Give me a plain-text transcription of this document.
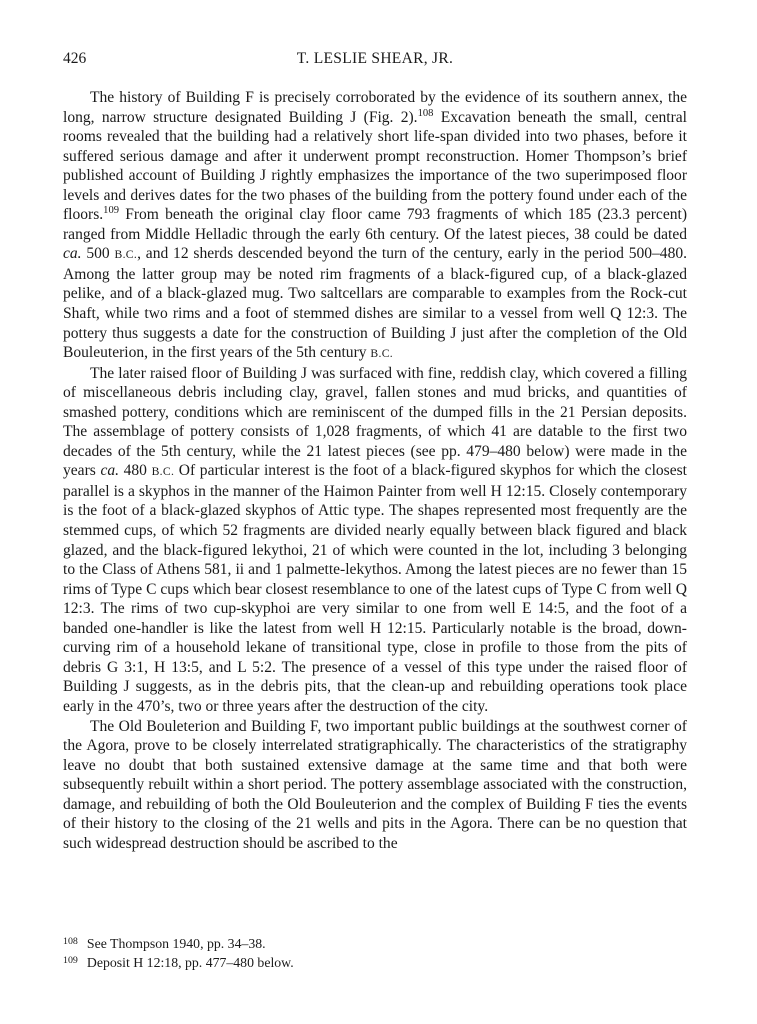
426	T. LESLIE SHEAR, JR.

The history of Building F is precisely corroborated by the evidence of its southern annex, the long, narrow structure designated Building J (Fig. 2).$^{108}$ Excavation beneath the small, central rooms revealed that the building had a relatively short life-span divided into two phases, before it suffered serious damage and after it underwent prompt reconstruction. Homer Thompson’s brief published account of Building J rightly emphasizes the importance of the two superimposed floor levels and derives dates for the two phases of the building from the pottery found under each of the floors.$^{109}$ From beneath the original clay floor came 793 fragments of which 185 (23.3 percent) ranged from Middle Helladic through the early 6th century. Of the latest pieces, 38 could be dated ca. 500 B.C., and 12 sherds descended beyond the turn of the century, early in the period 500–480. Among the latter group may be noted rim fragments of a black-figured cup, of a black-glazed pelike, and of a black-glazed mug. Two saltcellars are comparable to examples from the Rock-cut Shaft, while two rims and a foot of stemmed dishes are similar to a vessel from well Q 12:3. The pottery thus suggests a date for the construction of Building J just after the completion of the Old Bouleuterion, in the first years of the 5th century B.C.

The later raised floor of Building J was surfaced with fine, reddish clay, which covered a filling of miscellaneous debris including clay, gravel, fallen stones and mud bricks, and quantities of smashed pottery, conditions which are reminiscent of the dumped fills in the 21 Persian deposits. The assemblage of pottery consists of 1,028 fragments, of which 41 are datable to the first two decades of the 5th century, while the 21 latest pieces (see pp. 479–480 below) were made in the years ca. 480 B.C. Of particular interest is the foot of a black-figured skyphos for which the closest parallel is a skyphos in the manner of the Haimon Painter from well H 12:15. Closely contemporary is the foot of a black-glazed skyphos of Attic type. The shapes represented most frequently are the stemmed cups, of which 52 fragments are divided nearly equally between black figured and black glazed, and the black-figured lekythoi, 21 of which were counted in the lot, including 3 belonging to the Class of Athens 581, ii and 1 palmette-lekythos. Among the latest pieces are no fewer than 15 rims of Type C cups which bear closest resemblance to one of the latest cups of Type C from well Q 12:3. The rims of two cup-skyphoi are very similar to one from well E 14:5, and the foot of a banded one-handler is like the latest from well H 12:15. Particularly notable is the broad, down-curving rim of a household lekane of transitional type, close in profile to those from the pits of debris G 3:1, H 13:5, and L 5:2. The presence of a vessel of this type under the raised floor of Building J suggests, as in the debris pits, that the clean-up and rebuilding operations took place early in the 470’s, two or three years after the destruction of the city.

The Old Bouleterion and Building F, two important public buildings at the southwest corner of the Agora, prove to be closely interrelated stratigraphically. The characteristics of the stratigraphy leave no doubt that both sustained extensive damage at the same time and that both were subsequently rebuilt within a short period. The pottery assemblage associated with the construction, damage, and rebuilding of both the Old Bouleuterion and the complex of Building F ties the events of their history to the closing of the 21 wells and pits in the Agora. There can be no question that such widespread destruction should be ascribed to the

$^{108}$ See Thompson 1940, pp. 34–38.

$^{109}$ Deposit H 12:18, pp. 477–480 below.
